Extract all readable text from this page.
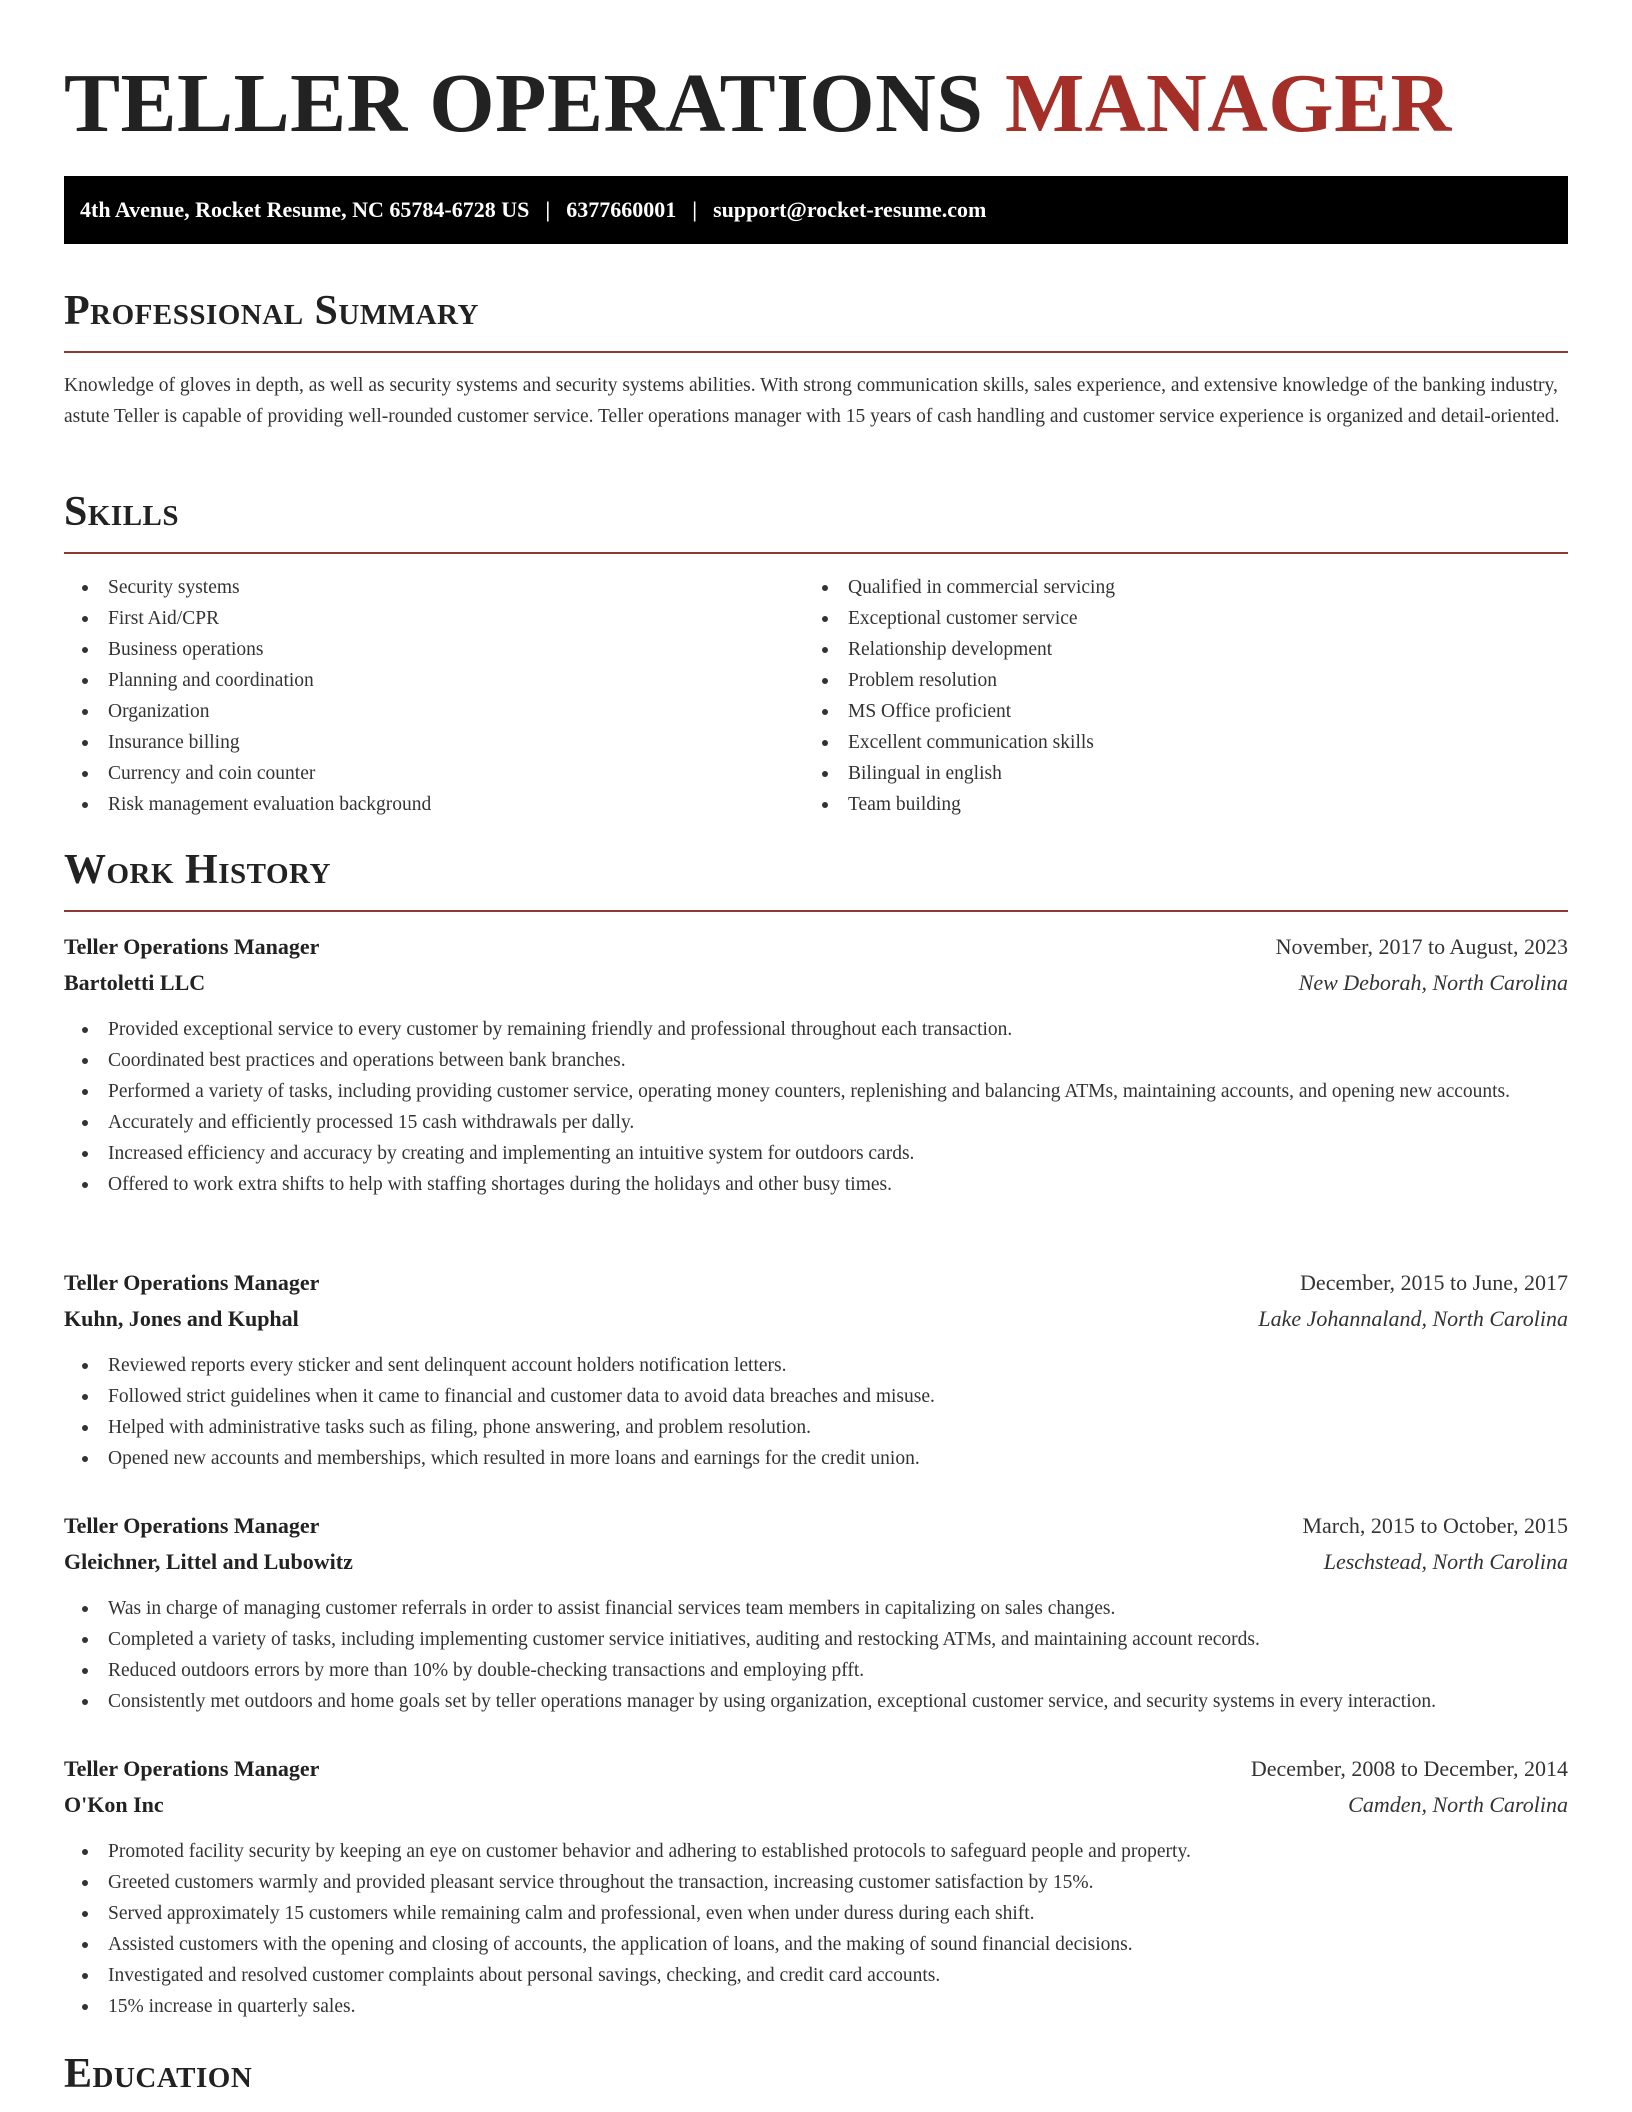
TELLER OPERATIONS MANAGER
4th Avenue, Rocket Resume, NC 65784-6728 US | 6377660001 | support@rocket-resume.com
Professional Summary

Knowledge of gloves in depth, as well as security systems and security systems abilities. With strong communication skills, sales experience, and extensive knowledge of the banking industry, astute Teller is capable of providing well-rounded customer service. Teller operations manager with 15 years of cash handling and customer service experience is organized and detail-oriented.

Skills
Security systems
First Aid/CPR
Business operations
Planning and coordination
Organization
Insurance billing
Currency and coin counter
Risk management evaluation background
Qualified in commercial servicing
Exceptional customer service
Relationship development
Problem resolution
MS Office proficient
Excellent communication skills
Bilingual in english
Team building
Work History
Teller Operations Manager	November, 2017 to August, 2023
Bartoletti LLC	New Deborah, North Carolina
Provided exceptional service to every customer by remaining friendly and professional throughout each transaction.
Coordinated best practices and operations between bank branches.
Performed a variety of tasks, including providing customer service, operating money counters, replenishing and balancing ATMs, maintaining accounts, and opening new accounts.
Accurately and efficiently processed 15 cash withdrawals per dally.
Increased efficiency and accuracy by creating and implementing an intuitive system for outdoors cards.
Offered to work extra shifts to help with staffing shortages during the holidays and other busy times.
Teller Operations Manager	December, 2015 to June, 2017
Kuhn, Jones and Kuphal	Lake Johannaland, North Carolina
Reviewed reports every sticker and sent delinquent account holders notification letters.
Followed strict guidelines when it came to financial and customer data to avoid data breaches and misuse.
Helped with administrative tasks such as filing, phone answering, and problem resolution.
Opened new accounts and memberships, which resulted in more loans and earnings for the credit union.
Teller Operations Manager	March, 2015 to October, 2015
Gleichner, Littel and Lubowitz	Leschstead, North Carolina
Was in charge of managing customer referrals in order to assist financial services team members in capitalizing on sales changes.
Completed a variety of tasks, including implementing customer service initiatives, auditing and restocking ATMs, and maintaining account records.
Reduced outdoors errors by more than 10% by double-checking transactions and employing pfft.
Consistently met outdoors and home goals set by teller operations manager by using organization, exceptional customer service, and security systems in every interaction.
Teller Operations Manager	December, 2008 to December, 2014
O'Kon Inc	Camden, North Carolina
Promoted facility security by keeping an eye on customer behavior and adhering to established protocols to safeguard people and property.
Greeted customers warmly and provided pleasant service throughout the transaction, increasing customer satisfaction by 15%.
Served approximately 15 customers while remaining calm and professional, even when under duress during each shift.
Assisted customers with the opening and closing of accounts, the application of loans, and the making of sound financial decisions.
Investigated and resolved customer complaints about personal savings, checking, and credit card accounts.
15% increase in quarterly sales.
Education
